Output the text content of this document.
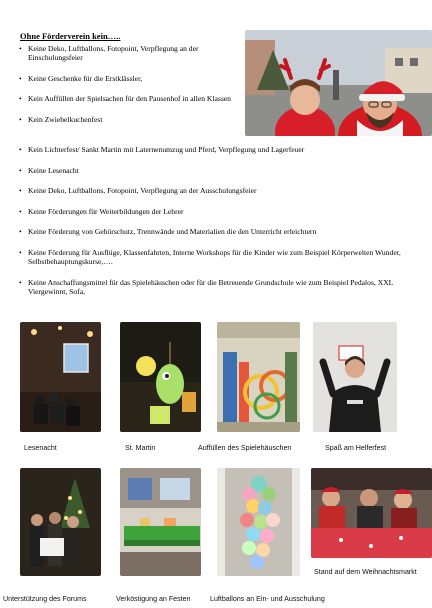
Ohne Förderverein kein…..
• Keine Deko, Luftballons, Fotopoint, Verpflegung an der Einschulungsfeier
• Keine Geschenke für die Erstklässler,
• Kein Auffüllen der Spielsachen für den Pausenhof in allen Klassen
• Kein Zwiebelkuchenfest
• Kein Lichterfest/ Sankt Martin mit Laternenumzug und Pferd, Verpflegung und Lagerfeuer
• Keine Lesenacht
• Keine Deko, Luftballons, Fotopoint, Verpflegung an der Ausschulungsfeier
• Keine Förderungen für Weiterbildungen der Lehrer
• Keine Förderung von Gehörschutz, Trennwände und Materialien die den Unterricht erleichtern
• Keine Förderung für Ausflüge, Klassenfahrten, Interne Workshops für die Kinder wie zum Beispiel Körperwelten Wunder, Selbstbehauptungskurse,….
• Keine Anschaffungsmittel für das Spielehäuschen oder für die Betreuende Grundschule wie zum Beispiel Pedalos, XXL Viergewinnt, Sofa,
Lesenacht	St. Martin	Auffüllen des Spielehäuschen	Spaß am Helferfest
Stand auf dem Weihnachtsmarkt
Unterstützung des Forums	Verköstigung an Festen	Luftballons an Ein- und Ausschulung
